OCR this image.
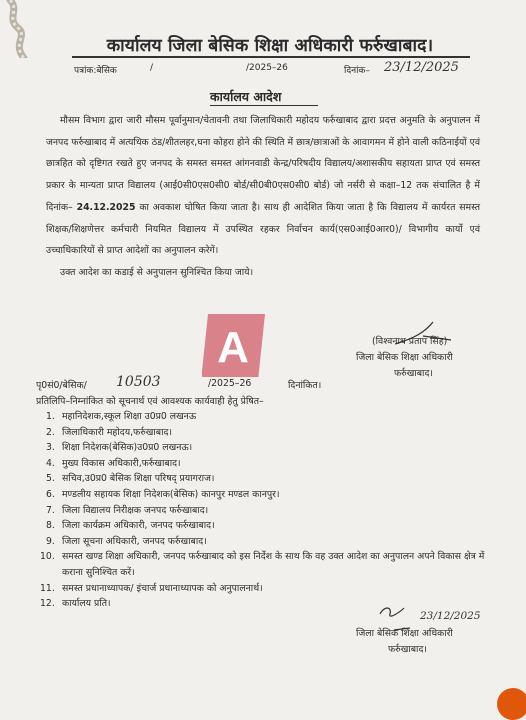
कार्यालय जिला बेसिक शिक्षा अधिकारी फर्रुखाबाद।
पत्रांक:बेसिक	/	/2025–26	दिनांक– 23/12/2025
कार्यालय आदेश

मौसम विभाग द्वारा जारी मौसम पूर्वानुमान/चेतावनी तथा जिलाधिकारी महोदय फर्रुखाबाद द्वारा प्रदत्त अनुमति के अनुपालन में जनपद फर्रुखाबाद में अत्यधिक ठंड/शीतलहर,घना कोहरा होने की स्थिति में छात्र/छात्राओं के आवागमन में होने वाली कठिनाईयों एवं छात्रहित को दृष्टिगत रखते हुए जनपद के समस्त समस्त आंगनवाडी केन्द्र/परिषदीय विद्यालय/अशासकीय सहायता प्राप्त एवं समस्त प्रकार के मान्यता प्राप्त विद्यालय (आई0सी0एस0सी0 बोर्ड/सी0बी0एस0सी0 बोर्ड) जो नर्सरी से कक्षा–12 तक संचालित है में दिनांक– 24.12.2025 का अवकाश घोषित किया जाता है। साथ ही आदेशित किया जाता है कि विद्यालय में कार्यरत समस्त शिक्षक/शिक्षणेत्तर कर्मचारी नियमित विद्यालय में उपस्थित रहकर निर्वाचन कार्य(एस0आई0आर0)/ विभागीय कार्यो एवं उच्चाधिकारियों से प्राप्त आदेशों का अनुपालन करेगें।

उक्त आदेश का कडाई से अनुपालन सुनिश्चित किया जाये।

A	(विश्वनाथ प्रताप सिंह)
जिला बेसिक शिक्षा अधिकारी
फर्रुखाबाद।
पृ0सं0/बेसिक/ 10503	/2025–26	दिनांकित।
प्रतिलिपि–निम्नांकित को सूचनार्थ एवं आवश्यक कार्यवाही हेतु प्रेषित–
1. महानिदेशक,स्कूल शिक्षा उ0प्र0 लखनऊ
2. जिलाधिकारी महोदय,फर्रुखाबाद।
3. शिक्षा निदेशक(बेसिक)उ0प्र0 लखनऊ।
4. मुख्य विकास अधिकारी,फर्रुखाबाद।
5. सचिव,उ0प्र0 बेसिक शिक्षा परिषद् प्रयागराज।
6. मण्डलीय सहायक शिक्षा निदेशक(बेसिक) कानपुर मण्डल कानपुर।
7. जिला विद्यालय निरीक्षक जनपद फर्रुखाबाद।
8. जिला कार्यक्रम अधिकारी, जनपद फर्रुखाबाद।
9. जिला सूचना अधिकारी, जनपद फर्रुखाबाद।
10. समस्त खण्ड शिक्षा अधिकारी, जनपद फर्रुखाबाद को इस निर्देश के साथ कि वह उक्त आदेश का अनुपालन अपने विकास क्षेत्र में कराना सुनिश्चित करें।
11. समस्त प्रधानाध्यापक/ इंचार्ज प्रधानाध्यापक को अनुपालनार्थ।
12. कार्यालय प्रति।
23/12/2025
जिला बेसिक शिक्षा अधिकारी
फर्रुखाबाद।
